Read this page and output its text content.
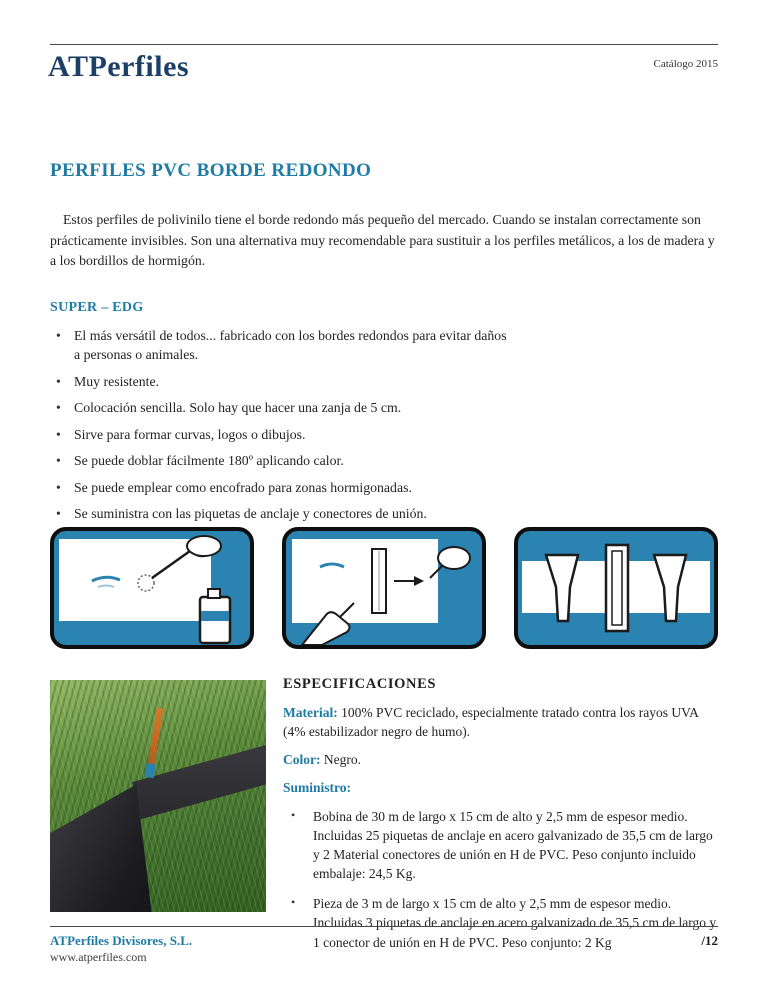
ATPerfiles	Catálogo 2015
PERFILES PVC BORDE REDONDO

Estos perfiles de polivinilo tiene el borde redondo más pequeño del mercado. Cuando se instalan correctamente son prácticamente invisibles. Son una alternativa muy recomendable para sustituir a los perfiles metálicos, a los de madera y a los bordillos de hormigón.

SUPER – EDG
• El más versátil de todos... fabricado con los bordes redondos para evitar daños a personas o animales.
• Muy resistente.
• Colocación sencilla. Solo hay que hacer una zanja de 5 cm.
• Sirve para formar curvas, logos o dibujos.
• Se puede doblar fácilmente 180º aplicando calor.
• Se puede emplear como encofrado para zonas hormigonadas.
• Se suministra con las piquetas de anclaje y conectores de unión.
ESPECIFICACIONES

Material: 100% PVC reciclado, especialmente tratado contra los rayos UVA (4% estabilizador negro de humo).

Color: Negro.

Suministro:

• Bobina de 30 m de largo x 15 cm de alto y 2,5 mm de espesor medio. Incluidas 25 piquetas de anclaje en acero galvanizado de 35,5 cm de largo y 2 Material conectores de unión en H de PVC. Peso conjunto incluido embalaje: 24,5 Kg.
• Pieza de 3 m de largo x 15 cm de alto y 2,5 mm de espesor medio. Incluidas 3 piquetas de anclaje en acero galvanizado de 35,5 cm de largo y 1 conector de unión en H de PVC. Peso conjunto: 2 Kg
ATPerfiles Divisores, S.L.
www.atperfiles.com
/12
